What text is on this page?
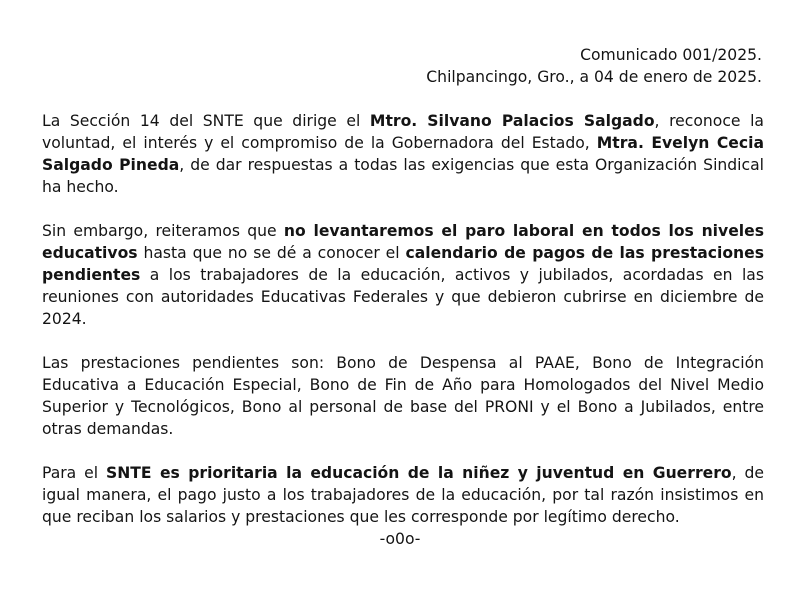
Comunicado 001/2025.
Chilpancingo, Gro., a 04 de enero de 2025.

La Sección 14 del SNTE que dirige el Mtro. Silvano Palacios Salgado, reconoce la voluntad, el interés y el compromiso de la Gobernadora del Estado, Mtra. Evelyn Cecia Salgado Pineda, de dar respuestas a todas las exigencias que esta Organización Sindical ha hecho.

Sin embargo, reiteramos que no levantaremos el paro laboral en todos los niveles educativos hasta que no se dé a conocer el calendario de pagos de las prestaciones pendientes a los trabajadores de la educación, activos y jubilados, acordadas en las reuniones con autoridades Educativas Federales y que debieron cubrirse en diciembre de 2024.

Las prestaciones pendientes son: Bono de Despensa al PAAE, Bono de Integración Educativa a Educación Especial, Bono de Fin de Año para Homologados del Nivel Medio Superior y Tecnológicos, Bono al personal de base del PRONI y el Bono a Jubilados, entre otras demandas.

Para el SNTE es prioritaria la educación de la niñez y juventud en Guerrero, de igual manera, el pago justo a los trabajadores de la educación, por tal razón insistimos en que reciban los salarios y prestaciones que les corresponde por legítimo derecho.

-o0o-
